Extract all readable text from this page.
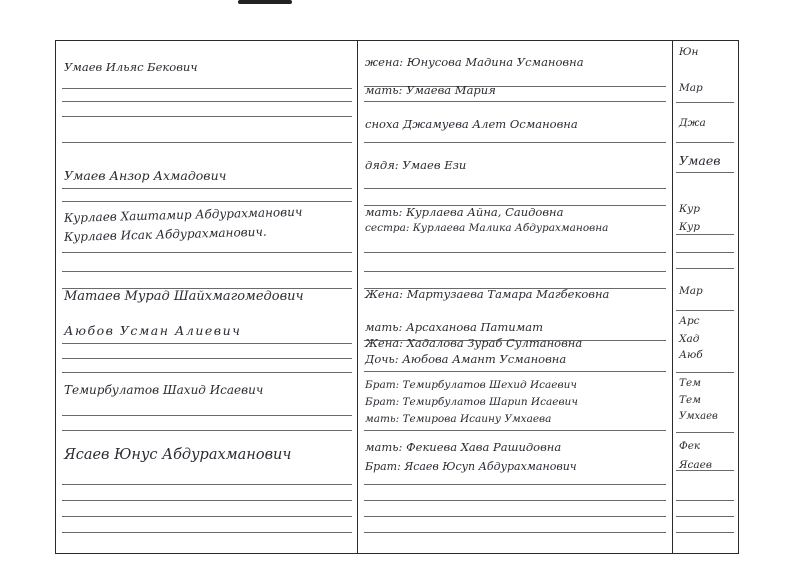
Умаев Ильяс Бекович
Умаев Анзор Ахмадович
Курлаев Хаштамир Абдурахманович
Курлаев Исак Абдурахманович.
Матаев Мурад Шайхмагомедович
Аюбов Усман Алиевич
Темирбулатов Шахид Исаевич
Ясаев Юнус Абдурахманович
жена: Юнусова Мадина Усмановна
мать: Умаева Мария
сноха Джамуева Алет Османовна
дядя: Умаев Ези
мать: Курлаева Айна, Саидовна
сестра: Курлаева Малика Абдурахмановна
Жена: Мартузаева Тамара Магбековна
мать: Арсаханова Патимат
Жена: Хадалова Зураб Султановна
Дочь: Аюбова Амант Усмановна
Брат: Темирбулатов Шехид Исаевич
Брат: Темирбулатов Шарип Исаевич
мать: Темирова Исаину Умхаева
мать: Фекиева Хава Рашидовна
Брат: Ясаев Юсуп Абдурахманович
Юн
Мар
Джа
Умаев
Кур
Кур
Мар
Арс
Хад
Аюб
Тем
Тем
Умхаев
Фек
Ясаев
